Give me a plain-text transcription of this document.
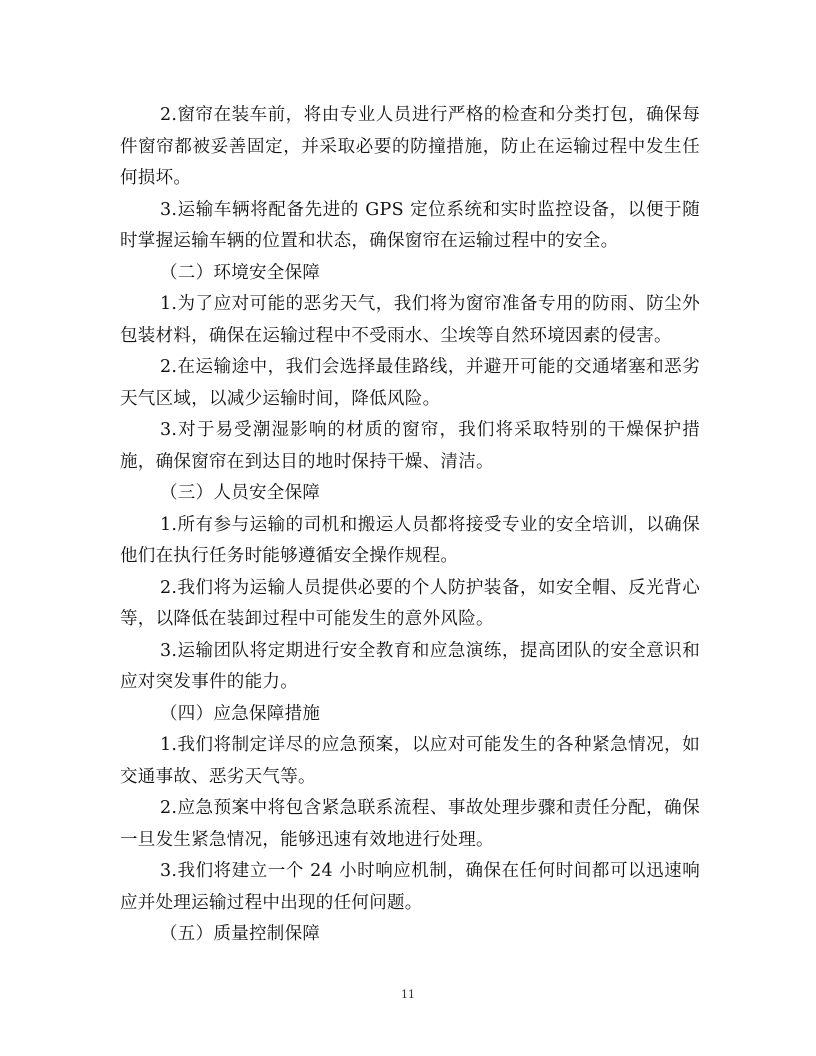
2.窗帘在装车前，将由专业人员进行严格的检查和分类打包，确保每件窗帘都被妥善固定，并采取必要的防撞措施，防止在运输过程中发生任何损坏。

3.运输车辆将配备先进的 GPS 定位系统和实时监控设备，以便于随时掌握运输车辆的位置和状态，确保窗帘在运输过程中的安全。

（二）环境安全保障

1.为了应对可能的恶劣天气，我们将为窗帘准备专用的防雨、防尘外包装材料，确保在运输过程中不受雨水、尘埃等自然环境因素的侵害。

2.在运输途中，我们会选择最佳路线，并避开可能的交通堵塞和恶劣天气区域，以减少运输时间，降低风险。

3.对于易受潮湿影响的材质的窗帘，我们将采取特别的干燥保护措施，确保窗帘在到达目的地时保持干燥、清洁。

（三）人员安全保障

1.所有参与运输的司机和搬运人员都将接受专业的安全培训，以确保他们在执行任务时能够遵循安全操作规程。

2.我们将为运输人员提供必要的个人防护装备，如安全帽、反光背心等，以降低在装卸过程中可能发生的意外风险。

3.运输团队将定期进行安全教育和应急演练，提高团队的安全意识和应对突发事件的能力。

（四）应急保障措施

1.我们将制定详尽的应急预案，以应对可能发生的各种紧急情况，如交通事故、恶劣天气等。

2.应急预案中将包含紧急联系流程、事故处理步骤和责任分配，确保一旦发生紧急情况，能够迅速有效地进行处理。

3.我们将建立一个 24 小时响应机制，确保在任何时间都可以迅速响应并处理运输过程中出现的任何问题。

（五）质量控制保障

11
